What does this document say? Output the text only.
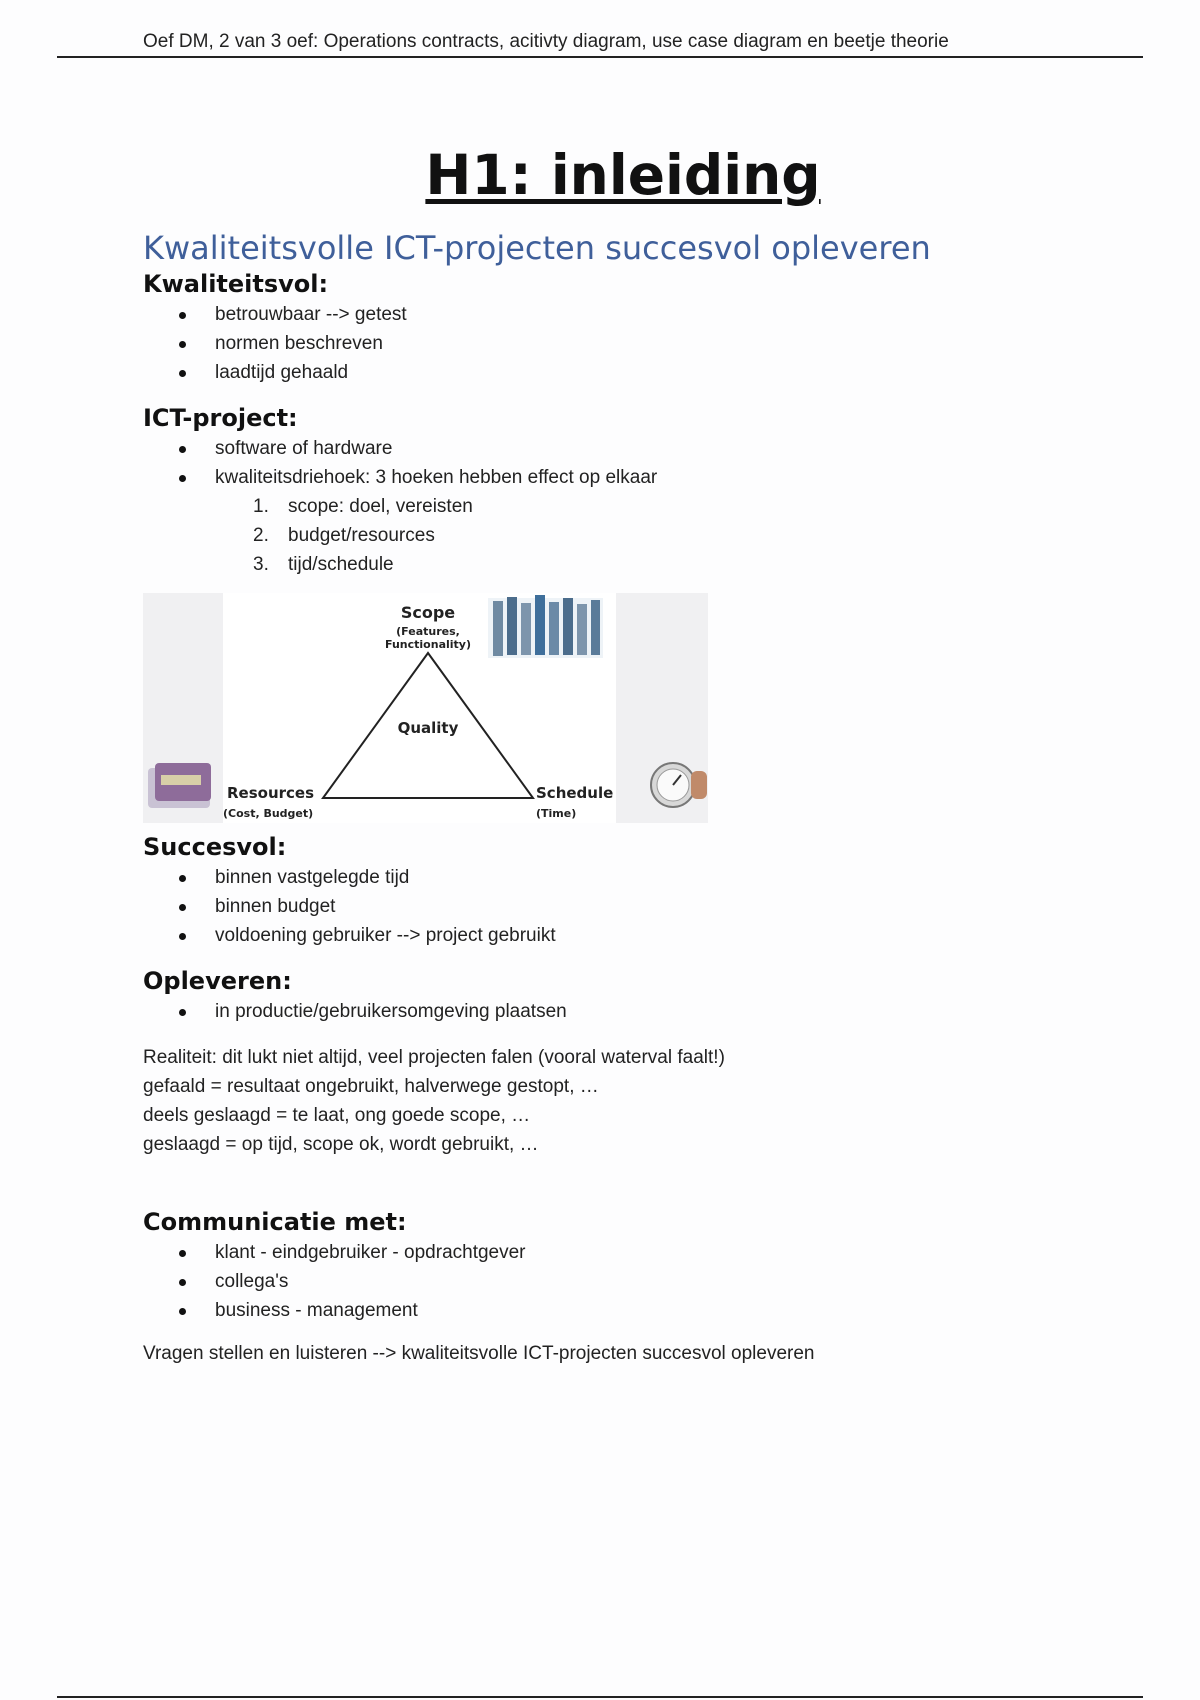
Oef DM, 2 van 3 oef: Operations contracts, acitivty diagram, use case diagram en beetje theorie
H1: inleiding
Kwaliteitsvolle ICT-projecten succesvol opleveren
Kwaliteitsvol:
betrouwbaar --> getest
normen beschreven
laadtijd gehaald
ICT-project:
software of hardware
kwaliteitsdriehoek: 3 hoeken hebben effect op elkaar
1. scope: doel, vereisten
2. budget/resources
3. tijd/schedule
Scope
(Features,
Functionality)
Quality
Resources
(Cost, Budget)
Schedule
(Time)
Succesvol:
binnen vastgelegde tijd
binnen budget
voldoening gebruiker --> project gebruikt
Opleveren:
in productie/gebruikersomgeving plaatsen

Realiteit: dit lukt niet altijd, veel projecten falen (vooral waterval faalt!)

gefaald = resultaat ongebruikt, halverwege gestopt, …

deels geslaagd = te laat, ong goede scope, …

geslaagd = op tijd, scope ok, wordt gebruikt, …

Communicatie met:
klant - eindgebruiker - opdrachtgever
collega's
business - management

Vragen stellen en luisteren --> kwaliteitsvolle ICT-projecten succesvol opleveren
